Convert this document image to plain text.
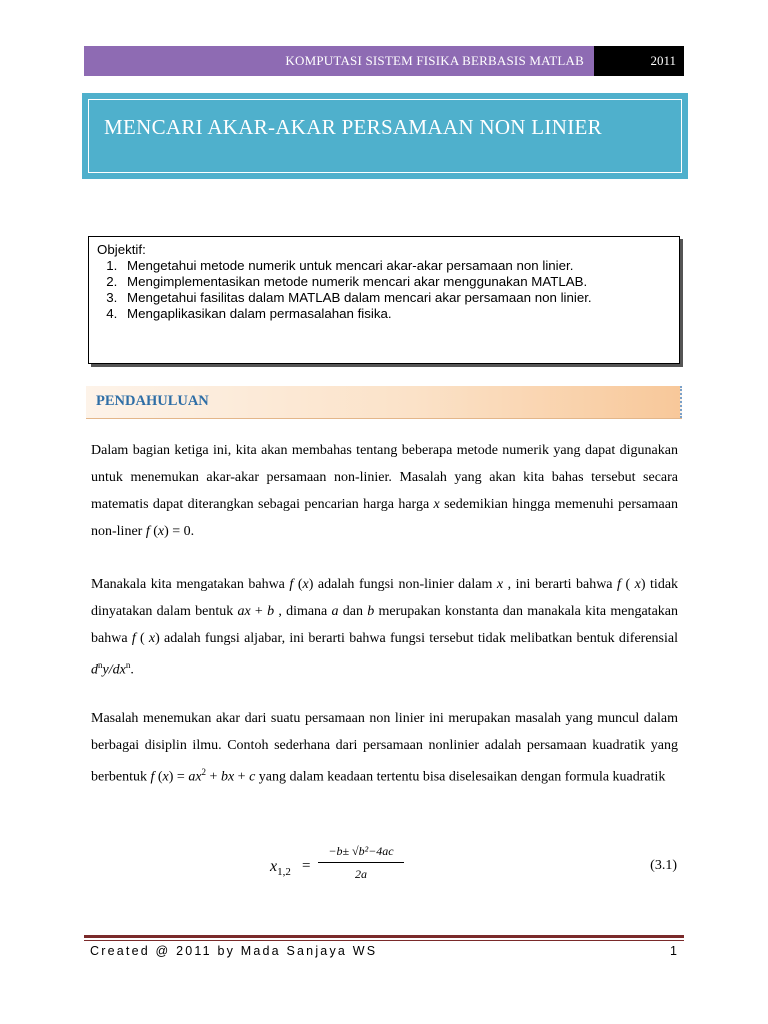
KOMPUTASI SISTEM FISIKA BERBASIS MATLAB	2011
MENCARI AKAR-AKAR PERSAMAAN NON LINIER
Objektif:
1. Mengetahui metode numerik untuk mencari akar-akar persamaan non linier.
2. Mengimplementasikan metode numerik mencari akar menggunakan MATLAB.
3. Mengetahui fasilitas dalam MATLAB dalam mencari akar persamaan non linier.
4. Mengaplikasikan dalam permasalahan fisika.
PENDAHULUAN

Dalam bagian ketiga ini, kita akan membahas tentang beberapa metode numerik yang dapat digunakan untuk menemukan akar-akar persamaan non-linier. Masalah yang akan kita bahas tersebut secara matematis dapat diterangkan sebagai pencarian harga harga x sedemikian hingga memenuhi persamaan non-liner f (x) = 0.

Manakala kita mengatakan bahwa f (x) adalah fungsi non-linier dalam x , ini berarti bahwa f ( x) tidak dinyatakan dalam bentuk ax + b , dimana a dan b merupakan konstanta dan manakala kita mengatakan bahwa f ( x) adalah fungsi aljabar, ini berarti bahwa fungsi tersebut tidak melibatkan bentuk diferensial $d^ny/dx^n$.

Masalah menemukan akar dari suatu persamaan non linier ini merupakan masalah yang muncul dalam berbagai disiplin ilmu. Contoh sederhana dari persamaan nonlinier adalah persamaan kuadratik yang berbentuk f $(x) = ax^2$ + bx + c yang dalam keadaan tertentu bisa diselesaikan dengan formula kuadratik

$x_{1,2} = \frac{\text{−b± √b²−4ac}}{2a}$	(3.1)
Created @ 2011 by Mada Sanjaya WS	1
